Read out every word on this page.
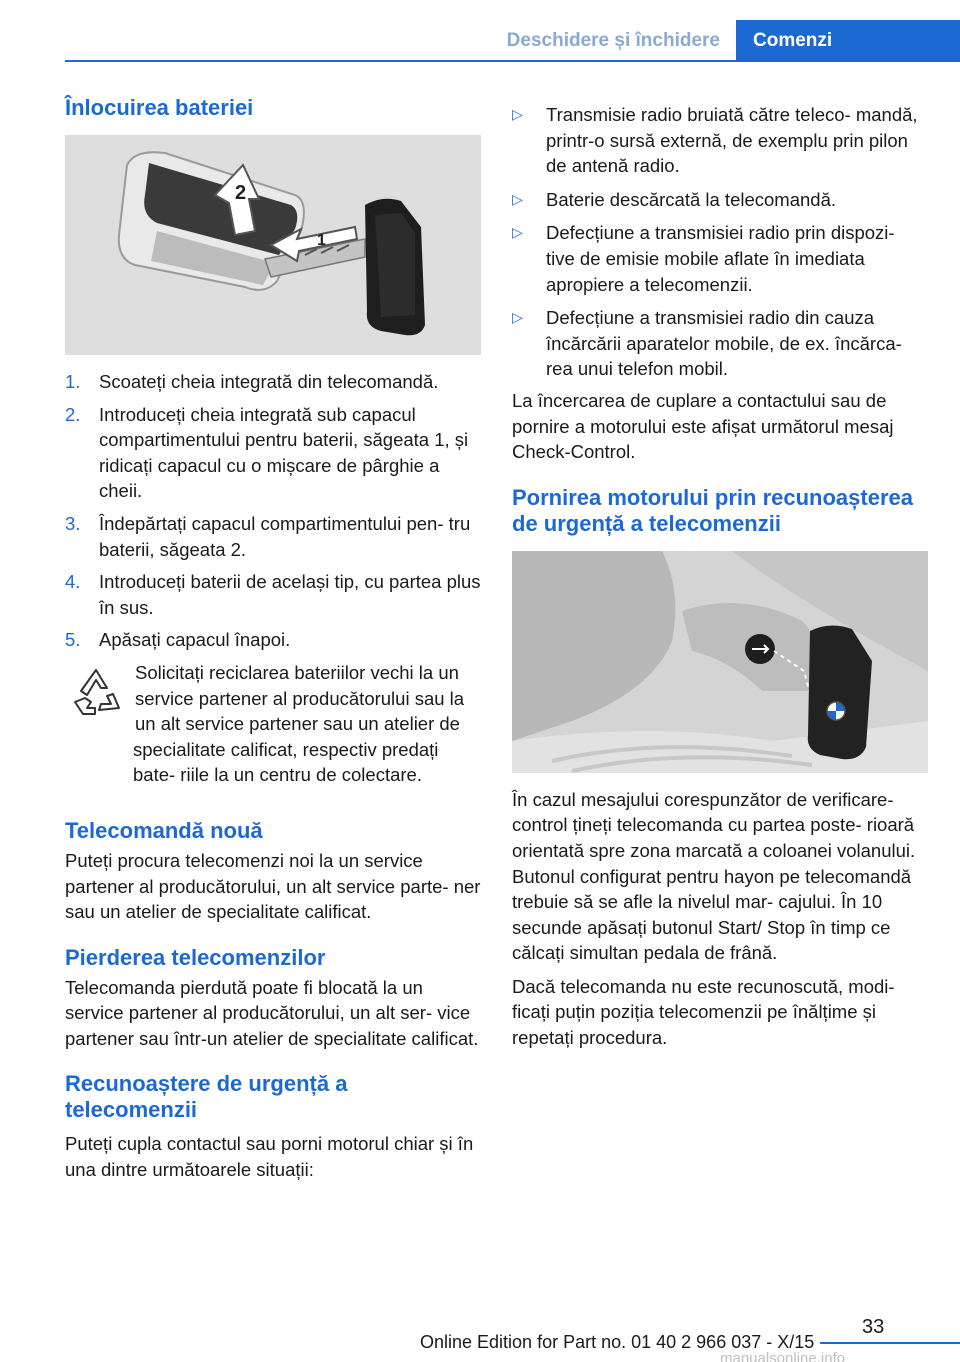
Deschidere și închidere	Comenzi
Înlocuirea bateriei
2
1
1. Scoateți cheia integrată din telecomandă.
2. Introduceți cheia integrată sub capacul compartimentului pentru baterii, săgeata 1, și ridicați capacul cu o mișcare de pârghie a cheii.
3. Îndepărtați capacul compartimentului pen‐ tru baterii, săgeata 2.
4. Introduceți baterii de același tip, cu partea plus în sus.
5. Apăsați capacul înapoi.

Solicitați reciclarea bateriilor vechi la un service partener al producătorului sau la un alt service partener sau un atelier de specialitate calificat, respectiv predați bate‐ riile la un centru de colectare.

Telecomandă nouă

Puteți procura telecomenzi noi la un service partener al producătorului, un alt service parte‐ ner sau un atelier de specialitate calificat.

Pierderea telecomenzilor

Telecomanda pierdută poate fi blocată la un service partener al producătorului, un alt ser‐ vice partener sau într-un atelier de specialitate calificat.

Recunoaștere de urgență a telecomenzii

Puteți cupla contactul sau porni motorul chiar și în una dintre următoarele situații:

▷ Transmisie radio bruiată către teleco‐ mandă, printr-o sursă externă, de exemplu prin pilon de antenă radio.
▷ Baterie descărcată la telecomandă.
▷ Defecțiune a transmisiei radio prin dispozi‐ tive de emisie mobile aflate în imediata apropiere a telecomenzii.
▷ Defecțiune a transmisiei radio din cauza încărcării aparatelor mobile, de ex. încărca‐ rea unui telefon mobil.

La încercarea de cuplare a contactului sau de pornire a motorului este afișat următorul mesaj Check-Control.

Pornirea motorului prin recunoașterea de urgență a telecomenzii

În cazul mesajului corespunzător de verificare-control țineți telecomanda cu partea poste‐ rioară orientată spre zona marcată a coloanei volanului. Butonul configurat pentru hayon pe telecomandă trebuie să se afle la nivelul mar‐ cajului. În 10 secunde apăsați butonul Start/ Stop în timp ce călcați simultan pedala de frână.

Dacă telecomanda nu este recunoscută, modi‐ ficați puțin poziția telecomenzii pe înălțime și repetați procedura.

33
Online Edition for Part no. 01 40 2 966 037 - X/15
manualsonline.info
